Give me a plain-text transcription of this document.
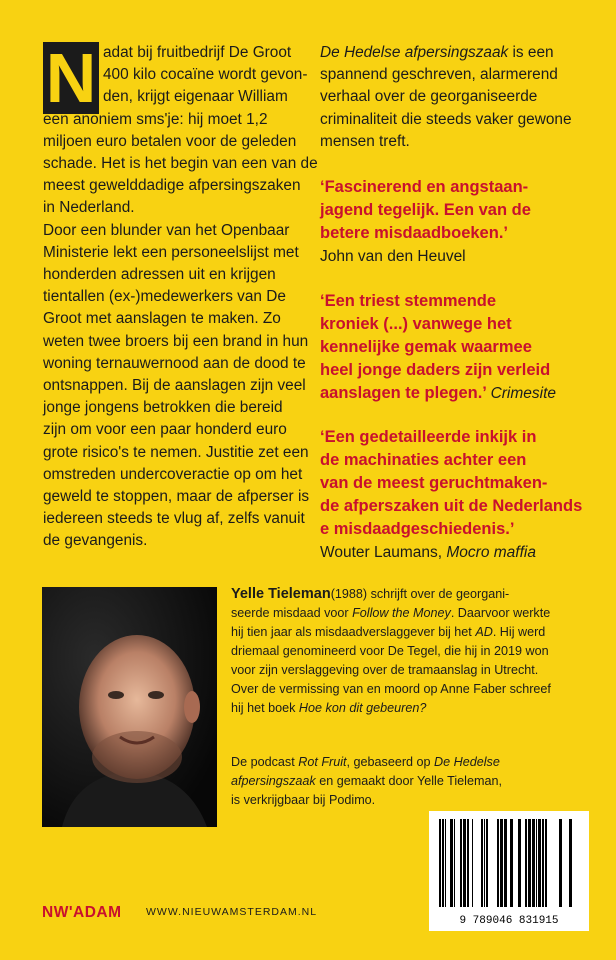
N adat bij fruitbedrijf De Groot
400 kilo cocaïne wordt gevon-
den, krijgt eigenaar William
een anoniem sms'je: hij moet 1,2
miljoen euro betalen voor de geleden
schade. Het is het begin van een van de
meest gewelddadige afpersingszaken
in Nederland.
Door een blunder van het Openbaar
Ministerie lekt een personeelslijst met
honderden adressen uit en krijgen
tientallen (ex-)medewerkers van De
Groot met aanslagen te maken. Zo
weten twee broers bij een brand in hun
woning ternauwernood aan de dood te
ontsnappen. Bij de aanslagen zijn veel
jonge jongens betrokken die bereid
zijn om voor een paar honderd euro
grote risico's te nemen. Justitie zet een
omstreden undercoveractie op om het
geweld te stoppen, maar de afperser is
iedereen steeds te vlug af, zelfs vanuit
de gevangenis.
De Hedelse afpersingszaak is een
spannend geschreven, alarmerend
verhaal over de georganiseerde
criminaliteit die steeds vaker gewone
mensen treft.
‘Fascinerend en angstaan-
jagend tegelijk. Een van de
betere misdaadboeken.’
John van den Heuvel
‘Een triest stemmende
kroniek (...) vanwege het
kennelijke gemak waarmee
heel jonge daders zijn verleid
aanslagen te plegen.’ Crimesite
‘Een gedetailleerde inkijk in
de machinaties achter een
van de meest geruchtmaken-
de afperszaken uit de Nederlands
e misdaadgeschiedenis.’
Wouter Laumans, Mocro maffia
Yelle Tieleman(1988) schrijft over de georgani-
seerde misdaad voor Follow the Money. Daarvoor werkte
hij tien jaar als misdaadverslaggever bij het AD. Hij werd
driemaal genomineerd voor De Tegel, die hij in 2019 won
voor zijn verslaggeving over de tramaanslag in Utrecht.
Over de vermissing van en moord op Anne Faber schreef
hij het boek Hoe kon dit gebeuren?
De podcast Rot Fruit, gebaseerd op De Hedelse
afpersingszaak en gemaakt door Yelle Tieleman,
is verkrijgbaar bij Podimo.
9 789046 831915
NW'ADAM WWW.NIEUWAMSTERDAM.NL
